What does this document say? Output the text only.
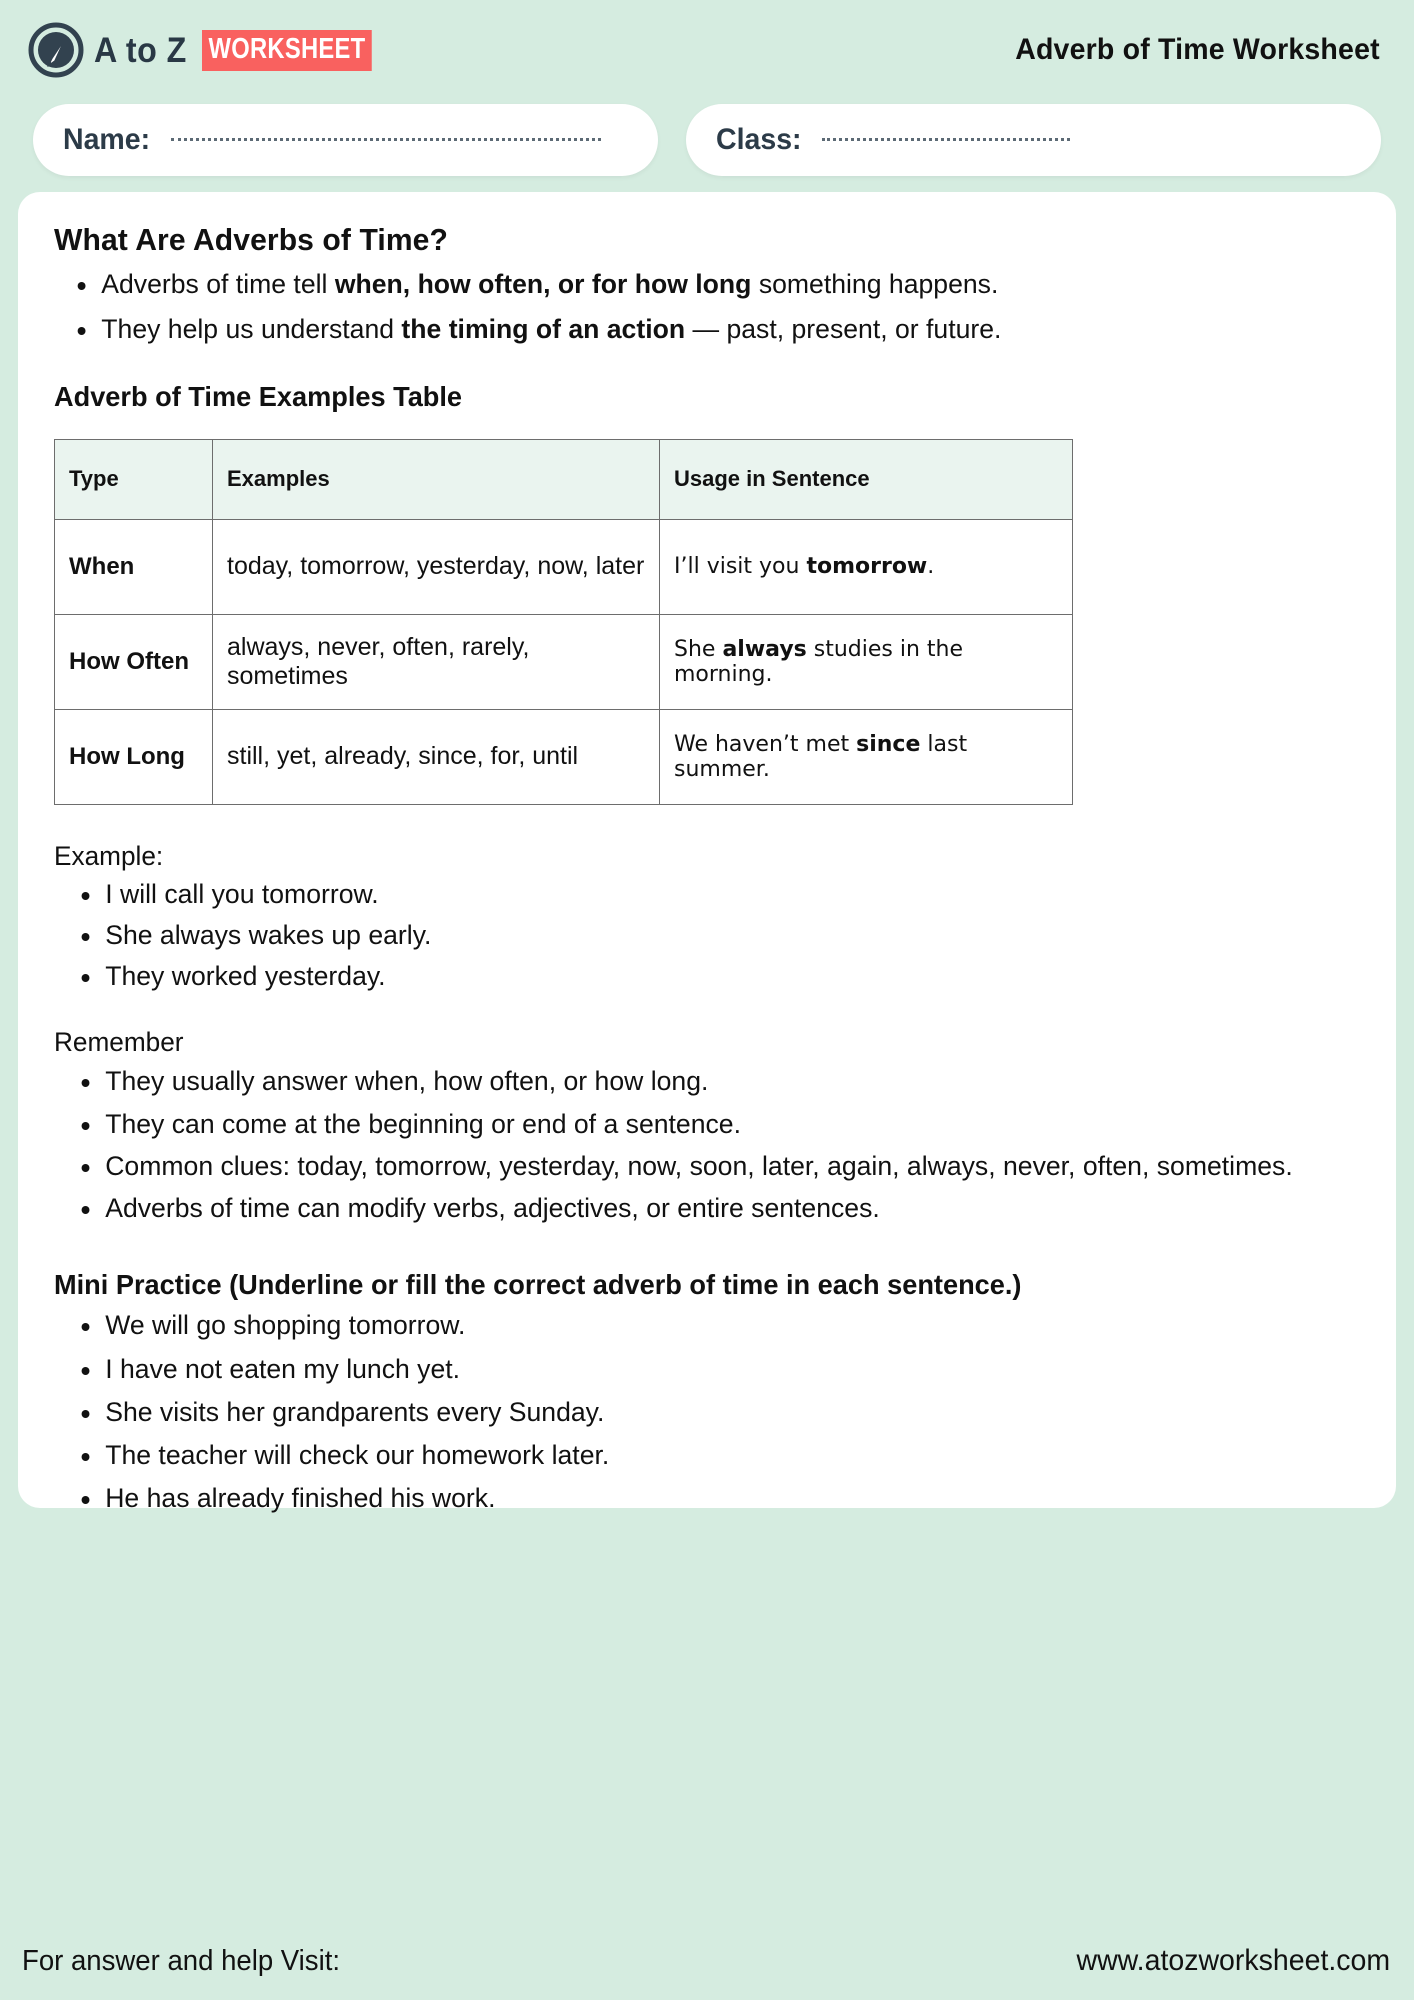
A to Z WORKSHEET	Adverb of Time Worksheet
Name:	Class:
What Are Adverbs of Time?
Adverbs of time tell when, how often, or for how long something happens.
They help us understand the timing of an action — past, present, or future.
Adverb of Time Examples Table
Type	Examples	Usage in Sentence
When	today, tomorrow, yesterday, now, later	I’ll visit you tomorrow.
How Often	always, never, often, rarely, sometimes	She always studies in the morning.
How Long	still, yet, already, since, for, until	We haven’t met since last summer.
Example:
I will call you tomorrow.
She always wakes up early.
They worked yesterday.
Remember
They usually answer when, how often, or how long.
They can come at the beginning or end of a sentence.
Common clues: today, tomorrow, yesterday, now, soon, later, again, always, never, often, sometimes.
Adverbs of time can modify verbs, adjectives, or entire sentences.
Mini Practice (Underline or fill the correct adverb of time in each sentence.)
We will go shopping tomorrow.
I have not eaten my lunch yet.
She visits her grandparents every Sunday.
The teacher will check our homework later.
He has already finished his work.
For answer and help Visit:	www.atozworksheet.com
